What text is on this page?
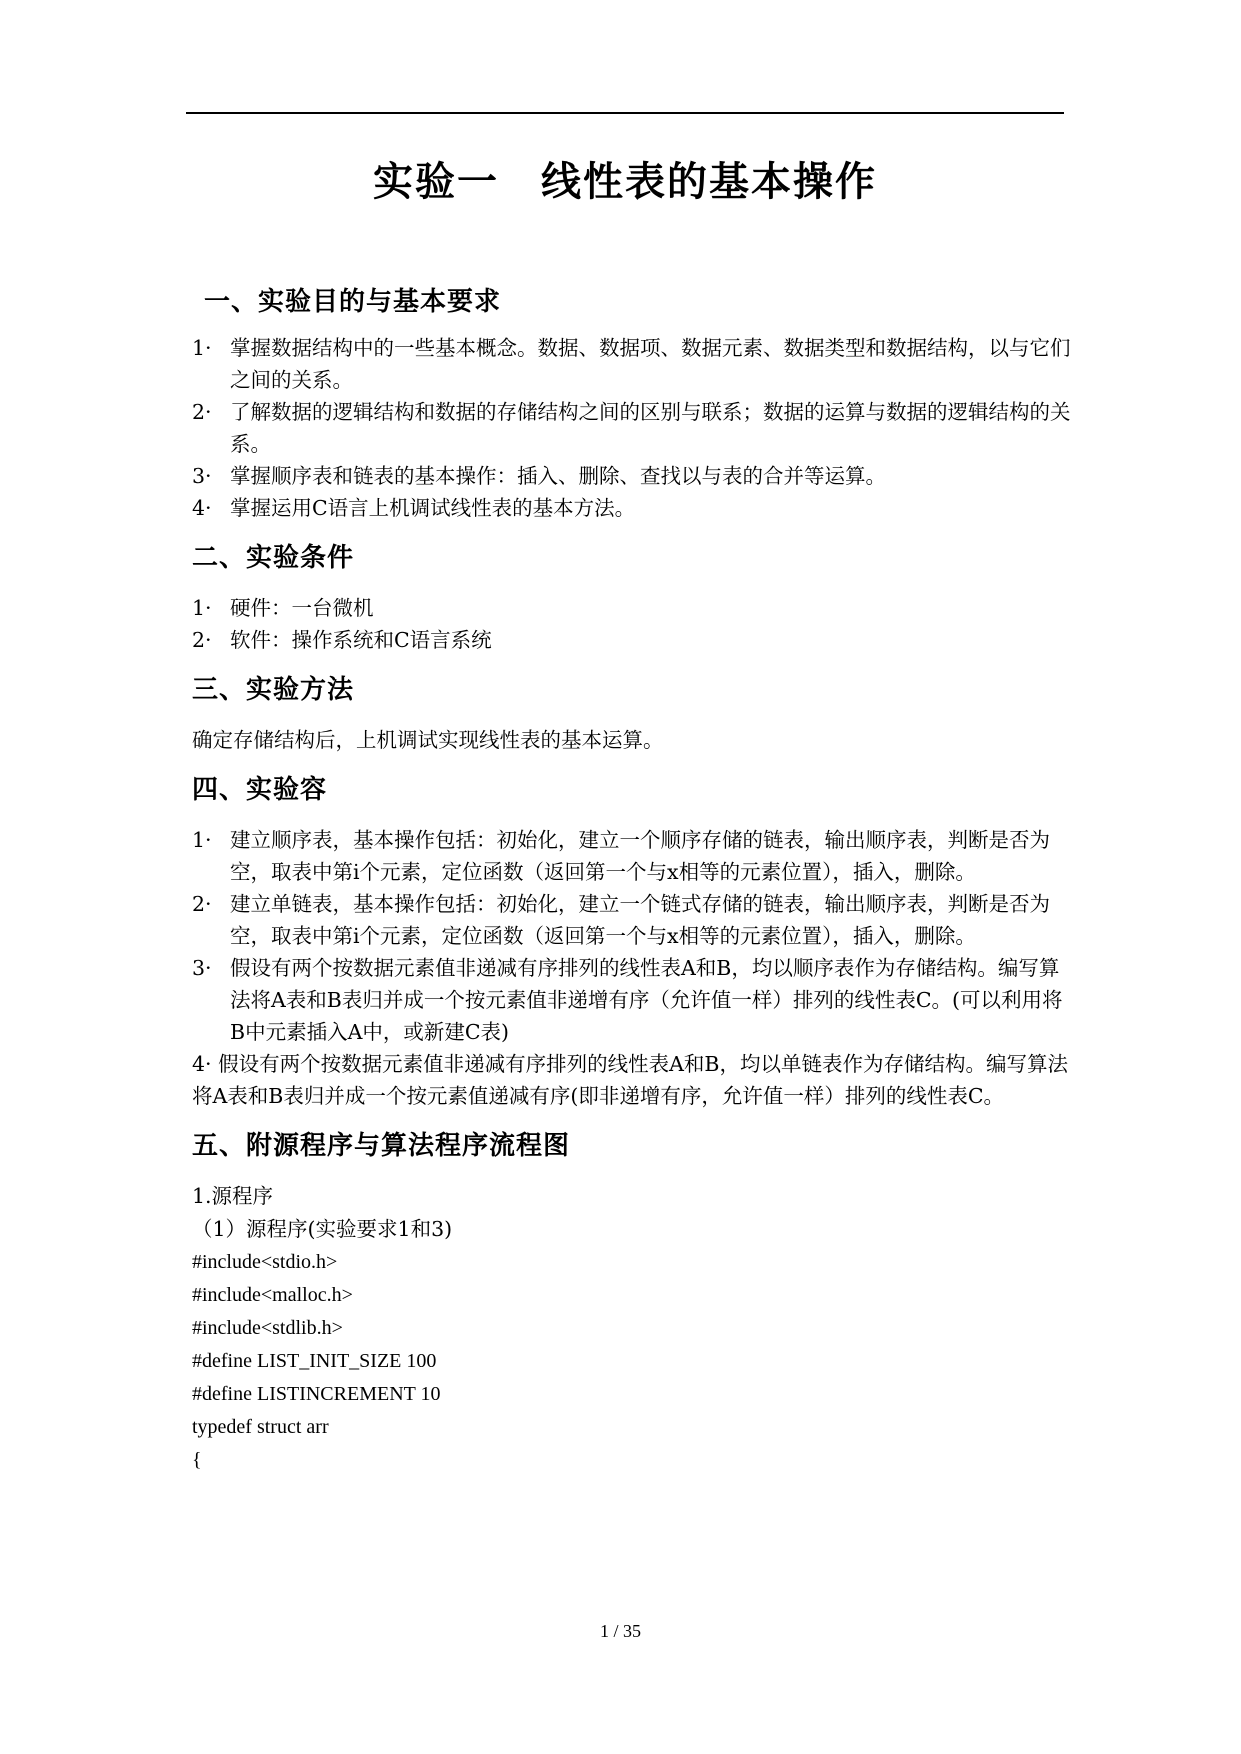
实验一　线性表的基本操作
一、实验目的与基本要求
1· 掌握数据结构中的一些基本概念。数据、数据项、数据元素、数据类型和数据结构，以与它们之间的关系。
2· 了解数据的逻辑结构和数据的存储结构之间的区别与联系；数据的运算与数据的逻辑结构的关系。
3· 掌握顺序表和链表的基本操作：插入、删除、查找以与表的合并等运算。
4· 掌握运用C语言上机调试线性表的基本方法。
二、实验条件
1· 硬件：一台微机
2· 软件：操作系统和C语言系统
三、实验方法
确定存储结构后，上机调试实现线性表的基本运算。
四、实验容
1· 建立顺序表，基本操作包括：初始化，建立一个顺序存储的链表，输出顺序表，判断是否为空，取表中第i个元素，定位函数（返回第一个与x相等的元素位置），插入，删除。
2· 建立单链表，基本操作包括：初始化，建立一个链式存储的链表，输出顺序表，判断是否为空，取表中第i个元素，定位函数（返回第一个与x相等的元素位置），插入，删除。
3· 假设有两个按数据元素值非递减有序排列的线性表A和B，均以顺序表作为存储结构。编写算法将A表和B表归并成一个按元素值非递增有序（允许值一样）排列的线性表C。(可以利用将B中元素插入A中，或新建C表)
4· 假设有两个按数据元素值非递减有序排列的线性表A和B，均以单链表作为存储结构。编写算法将A表和B表归并成一个按元素值递减有序(即非递增有序，允许值一样）排列的线性表C。
五、附源程序与算法程序流程图
1.源程序
（1）源程序(实验要求1和3)
#include<stdio.h>
#include<malloc.h>
#include<stdlib.h>
#define LIST_INIT_SIZE 100
#define LISTINCREMENT 10
typedef struct arr
{
1 / 35
